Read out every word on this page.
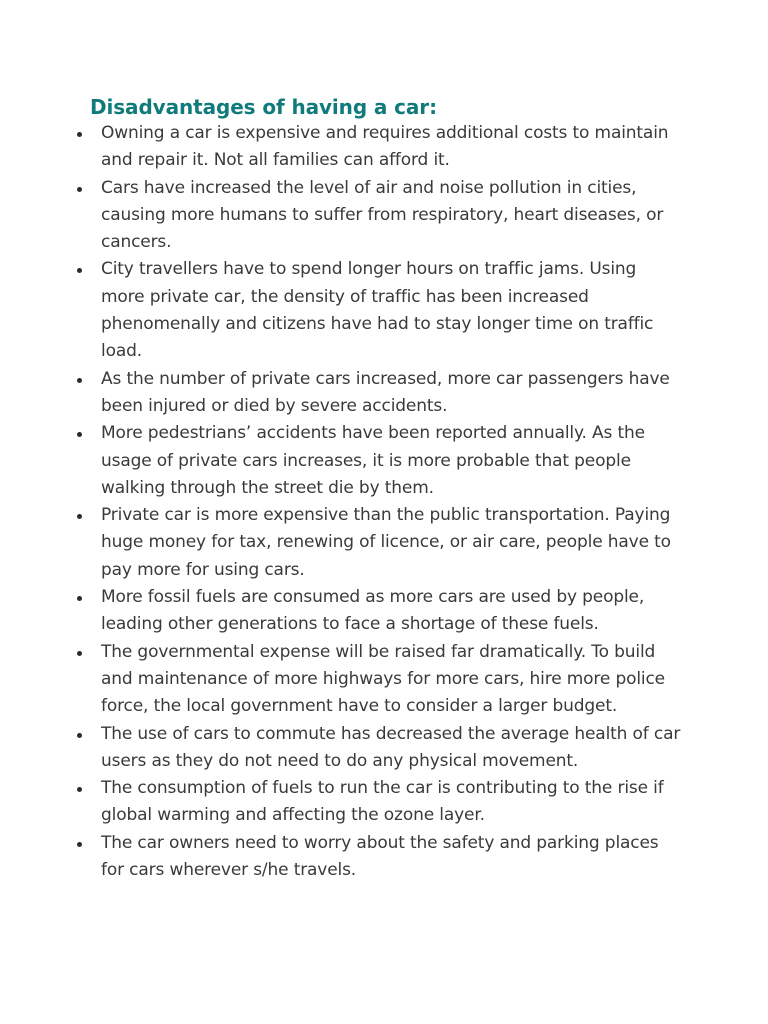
Disadvantages of having a car:
Owning a car is expensive and requires additional costs to maintain and repair it. Not all families can afford it.
Cars have increased the level of air and noise pollution in cities, causing more humans to suffer from respiratory, heart diseases, or cancers.
City travellers have to spend longer hours on traffic jams. Using more private car, the density of traffic has been increased phenomenally and citizens have had to stay longer time on traffic load.
As the number of private cars increased, more car passengers have been injured or died by severe accidents.
More pedestrians’ accidents have been reported annually. As the usage of private cars increases, it is more probable that people walking through the street die by them.
Private car is more expensive than the public transportation. Paying huge money for tax, renewing of licence, or air care, people have to pay more for using cars.
More fossil fuels are consumed as more cars are used by people, leading other generations to face a shortage of these fuels.
The governmental expense will be raised far dramatically. To build and maintenance of more highways for more cars, hire more police force, the local government have to consider a larger budget.
The use of cars to commute has decreased the average health of car users as they do not need to do any physical movement.
The consumption of fuels to run the car is contributing to the rise if global warming and affecting the ozone layer.
The car owners need to worry about the safety and parking places for cars wherever s/he travels.
